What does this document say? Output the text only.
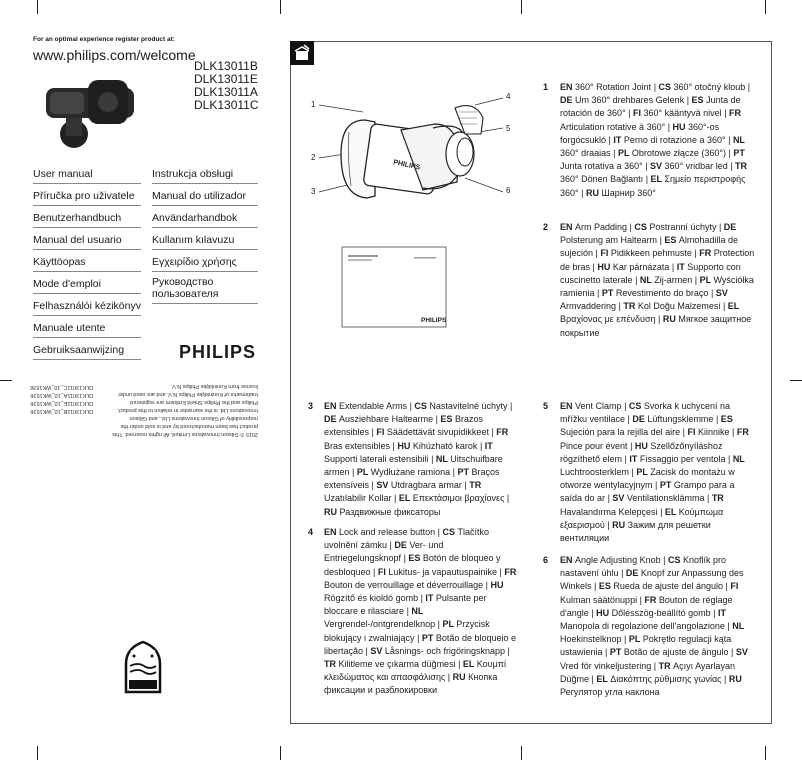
For an optimal experience register product at:
www.philips.com/welcome
DLK13011B
DLK13011E
DLK13011A
DLK13011C
User manual
Příručka pro uživatele
Benutzerhandbuch
Manual del usuario
Käyttöopas
Mode d'emploi
Felhasználói kézikönyv
Manuale utente
Gebruiksaanwijzing
Instrukcja obsługi
Manual do utilizador
Användarhandbok
Kullanım kılavuzu
Εγχειρίδιο χρήσης
Руководство пользователя
PHILIPS
2015 © Gibson Innovations Limited. All rights reserved. This product has been manufactured by and is sold under the responsibility of Gibson Innovations Ltd., and Gibson Innovations Ltd. is the warrantor in relation to this product. Philips and the Philips Shield Emblem are registered trademarks of Koninklijke Philips N.V. and are used under license from Koninklijke Philips N.V.
DLK13011B_10_WK1536 DLK13011E_10_WK1536 DLK13011A_10_WK1536 DLK13011C_10_WK1536
PHILIPS
PHILIPS
1
2
3
4
5
6
PHILIPS
1 EN 360° Rotation Joint | CS 360° otočný kloub | DE Um 360° drehbares Gelenk | ES Junta de rotación de 360° | FI 360° kääntyvä nivel | FR Articulation rotative à 360° | HU 360°-os forgócsukló | IT Perno di rotazione a 360° | NL 360° draaias | PL Obrotowe złącze (360°) | PT Junta rotativa a 360° | SV 360° vridbar led | TR 360° Dönen Bağlantı | EL Σημείο περιστροφής 360° | RU Шарнир 360°
2 EN Arm Padding | CS Postranní úchyty | DE Polsterung am Haltearm | ES Almohadilla de sujeción | FI Pidikkeen pehmuste | FR Protection de bras | HU Kar párnázata | IT Supporto con cuscinetto laterale | NL Zij-armen | PL Wyściółka ramienia | PT Revestimento do braço | SV Armvaddering | TR Kol Doğu Malzemesi | EL Βραχίονας με επένδυση | RU Мягкое защитное покрытие
3 EN Extendable Arms | CS Nastavitelné úchyty | DE Ausziehbare Haltearme | ES Brazos extensibles | FI Säädettävät sivupidikkeet | FR Bras extensibles | HU Kihúzható karok | IT Supporti laterali estensibili | NL Uitschuifbare armen | PL Wydłużane ramiona | PT Braços extensíveis | SV Utdragbara armar | TR Uzatılabilir Kollar | EL Επεκτάσιμοι βραχίονες | RU Раздвижные фиксаторы
4 EN Lock and release button | CS Tlačítko uvolnění zámku | DE Ver- und Entriegelungsknopf | ES Botón de bloqueo y desbloqueo | FI Lukitus- ja vapautuspainike | FR Bouton de verrouillage et déverrouillage | HU Rögzítő és kioldó gomb | IT Pulsante per bloccare e rilasciare | NL Vergrendel-/ontgrendelknop | PL Przycisk blokujący i zwalniający | PT Botão de bloqueio e libertação | SV Låsnings- och frigöringsknapp | TR Kilitleme ve çıkarma düğmesi | EL Κουμπί κλειδώματος και απασφάλισης | RU Кнопка фиксации и разблокировки
5 EN Vent Clamp | CS Svorka k uchycení na mřížku ventilace | DE Lüftungsklemme | ES Sujeción para la rejilla del aire | FI Kiinnike | FR Pince pour évent | HU Szellőzőnyíláshoz rögzíthető elem | IT Fissaggio per ventola | NL Luchtroosterklem | PL Zacisk do montażu w otworze wentylacyjnym | PT Grampo para a saída do ar | SV Ventilationsklämma | TR Havalandırma Kelepçesi | EL Κούμπωμα εξαερισμού | RU Зажим для решетки вентиляции
6 EN Angle Adjusting Knob | CS Knoflík pro nastavení úhlu | DE Knopf zur Anpassung des Winkels | ES Rueda de ajuste del ángulo | FI Kulman säätönuppi | FR Bouton de réglage d'angle | HU Dőlésszög-beállító gomb | IT Manopola di regolazione dell'angolazione | NL Hoekinstelknop | PL Pokrętło regulacji kąta ustawienia | PT Botão de ajuste de ângulo | SV Vred för vinkeljustering | TR Açıyı Ayarlayan Düğme | EL Διακόπτης ρύθμισης γωνίας | RU Регулятор угла наклона
